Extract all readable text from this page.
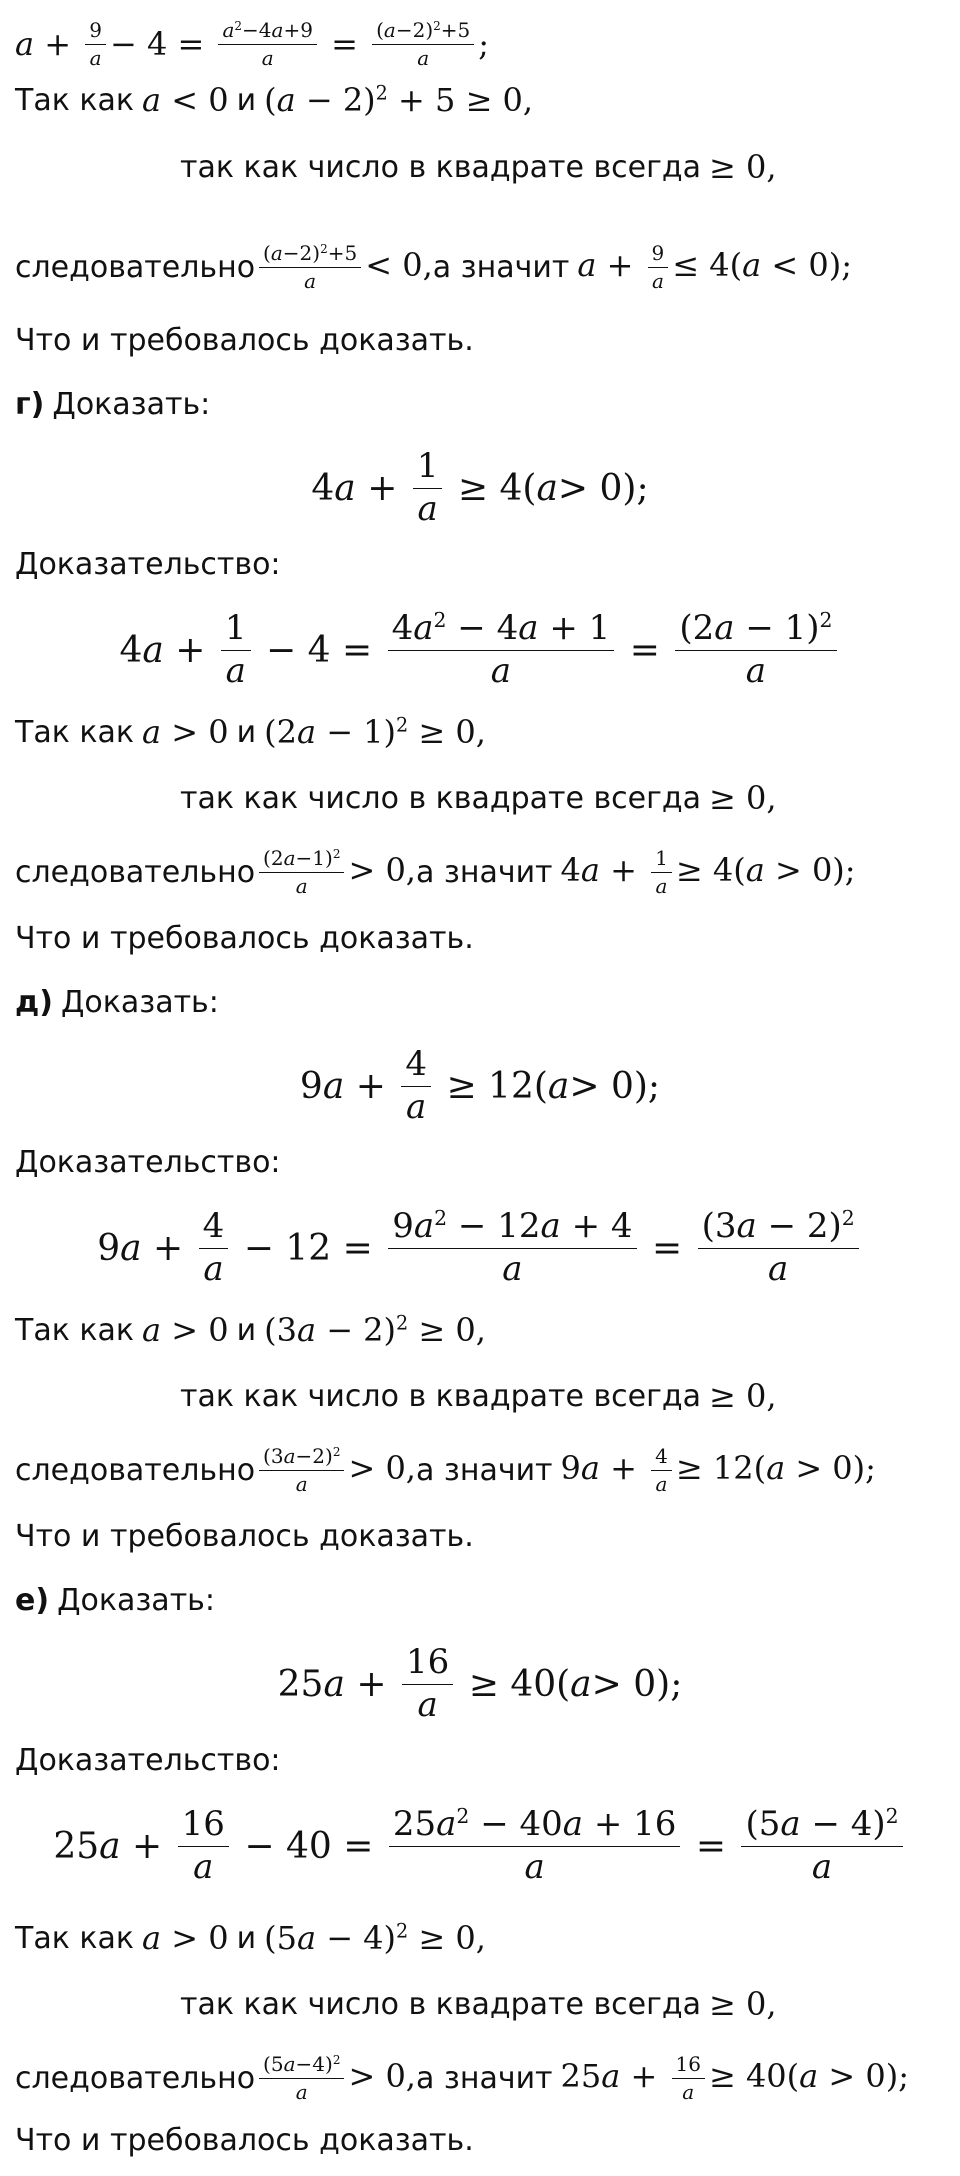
$a + \frac{9}{a} - 4 = \frac{a^2-4a+9}{a} = \frac{(a-2)^2+5}{a}$ ;
Так как a < 0 и $(a - 2)^2 + 5 \ge 0$,
так как число в квадрате всегда ≥ 0,
следовательно $\frac{(a-2)^2+5}{a} < 0$, а значит $a + \frac{9}{a} \le 4(a < 0)$;
Что и требовалось доказать.
г) Доказать:
4 $a + \frac{1}{a} \ge 4$( a > 0);
Доказательство:
4 $a + \frac{1}{a} - 4 = \frac{4a^2 - 4a + 1}{a} = \frac{(2a - 1)^2}{a}$
Так как a > 0 и $(2a - 1)^2 \ge 0$,
так как число в квадрате всегда ≥ 0,
следовательно $\frac{(2a-1)^2}{a} > 0$, а значит $4a + \frac{1}{a} \ge 4(a > 0)$;
Что и требовалось доказать.
д) Доказать:
9 $a + \frac{4}{a} \ge 12$( a > 0);
Доказательство:
9 $a + \frac{4}{a} - 12 = \frac{9a^2 - 12a + 4}{a} = \frac{(3a - 2)^2}{a}$
Так как a > 0 и $(3a - 2)^2 \ge 0$,
так как число в квадрате всегда ≥ 0,
следовательно $\frac{(3a-2)^2}{a} > 0$, а значит $9a + \frac{4}{a} \ge 12(a > 0)$;
Что и требовалось доказать.
е) Доказать:
25 $a + \frac{16}{a} \ge 40$( a > 0);
Доказательство:
25 $a + \frac{16}{a} - 40 = \frac{25a^2 - 40a + 16}{a} = \frac{(5a - 4)^2}{a}$
Так как a > 0 и $(5a - 4)^2 \ge 0$,
так как число в квадрате всегда ≥ 0,
следовательно $\frac{(5a-4)^2}{a} > 0$, а значит $25a + \frac{16}{a} \ge 40(a > 0)$;
Что и требовалось доказать.
